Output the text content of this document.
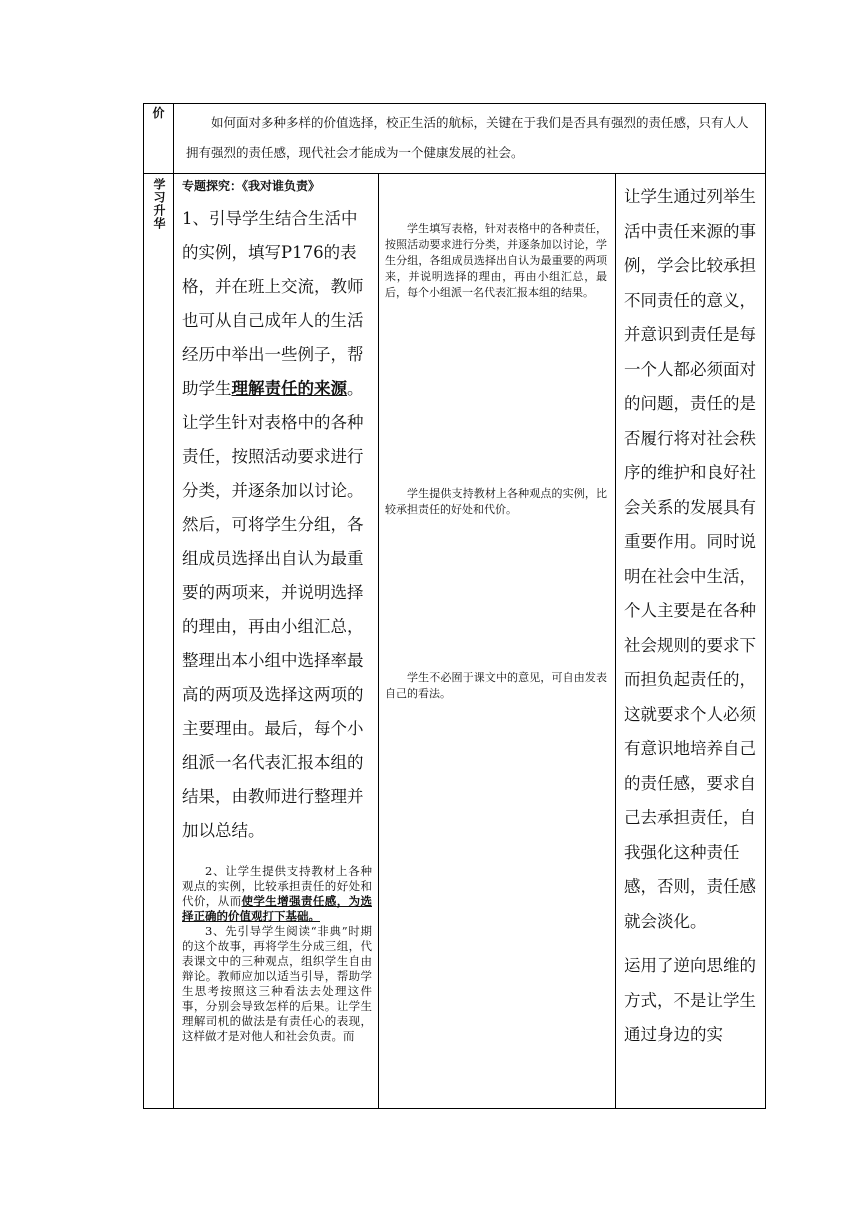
价
如何面对多种多样的价值选择，校正生活的航标，关键在于我们是否具有强烈的责任感，只有人人拥有强烈的责任感，现代社会才能成为一个健康发展的社会。
学习升华	专题探究：《我对谁负责》
1、引导学生结合生活中的实例，填写P176的表格，并在班上交流，教师也可从自己成年人的生活经历中举出一些例子，帮助学生理解责任的来源。让学生针对表格中的各种责任，按照活动要求进行分类，并逐条加以讨论。然后，可将学生分组，各组成员选择出自认为最重要的两项来，并说明选择的理由，再由小组汇总，整理出本小组中选择率最高的两项及选择这两项的主要理由。最后，每个小组派一名代表汇报本组的结果，由教师进行整理并加以总结。
2、让学生提供支持教材上各种观点的实例，比较承担责任的好处和代价，从而使学生增强责任感，为选择正确的价值观打下基础。
3、先引导学生阅读“非典”时期的这个故事，再将学生分成三组，代表课文中的三种观点，组织学生自由辩论。教师应加以适当引导，帮助学生思考按照这三种看法去处理这件事，分别会导致怎样的后果。让学生理解司机的做法是有责任心的表现，这样做才是对他人和社会负责。而
学生填写表格，针对表格中的各种责任，按照活动要求进行分类，并逐条加以讨论，学生分组，各组成员选择出自认为最重要的两项来，并说明选择的理由，再由小组汇总，最后，每个小组派一名代表汇报本组的结果。
学生提供支持教材上各种观点的实例，比较承担责任的好处和代价。
学生不必囿于课文中的意见，可自由发表自己的看法。
让学生通过列举生活中责任来源的事例，学会比较承担不同责任的意义，并意识到责任是每一个人都必须面对的问题，责任的是否履行将对社会秩序的维护和良好社会关系的发展具有重要作用。同时说明在社会中生活，个人主要是在各种社会规则的要求下而担负起责任的，这就要求个人必须有意识地培养自己的责任感，要求自己去承担责任，自我强化这种责任感，否则，责任感就会淡化。
运用了逆向思维的方式，不是让学生通过身边的实
